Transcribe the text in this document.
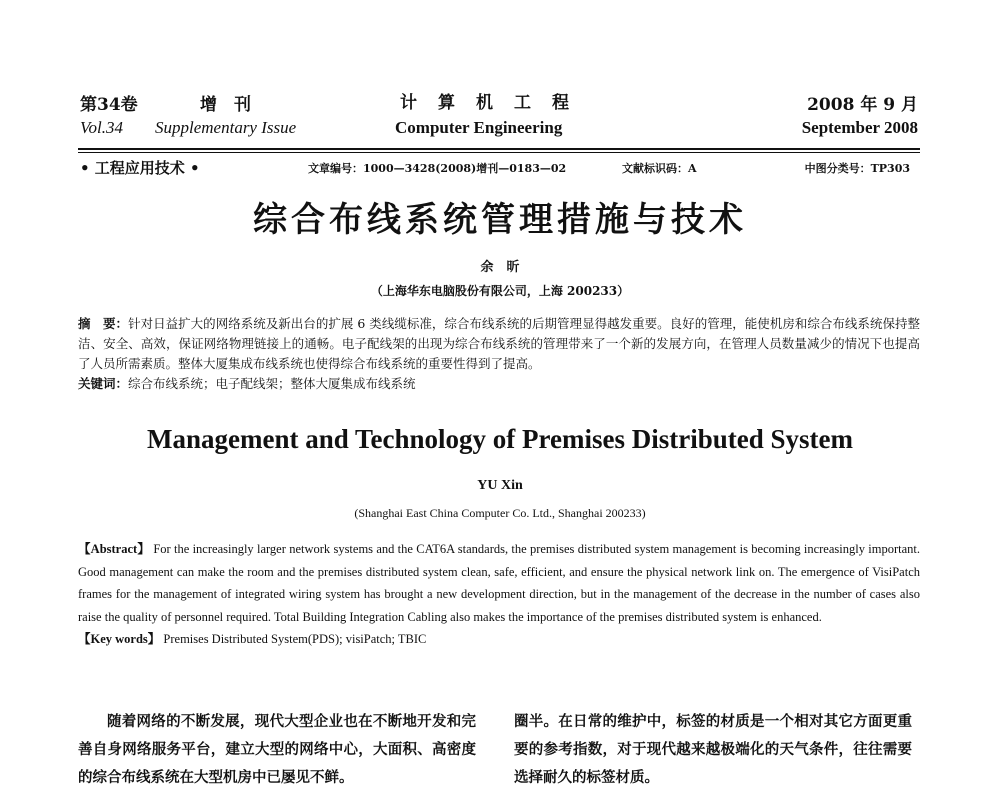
第34卷	增　刊	计　算　机　工　程	2008 年 9 月
Vol.34 Supplementary Issue	Computer Engineering	September 2008
• 工程应用技术 •	文章编号：1000—3428(2008)增刊—0183—02	文献标识码：A	中图分类号：TP303
综合布线系统管理措施与技术
余　昕
（上海华东电脑股份有限公司，上海 200233）
摘　要：针对日益扩大的网络系统及新出台的扩展 6 类线缆标准，综合布线系统的后期管理显得越发重要。良好的管理，能使机房和综合布线系统保持整洁、安全、高效，保证网络物理链接上的通畅。电子配线架的出现为综合布线系统的管理带来了一个新的发展方向，在管理人员数量减少的情况下也提高了人员所需素质。整体大厦集成布线系统也使得综合布线系统的重要性得到了提高。
关键词：综合布线系统；电子配线架；整体大厦集成布线系统
Management and Technology of Premises Distributed System
YU Xin
(Shanghai East China Computer Co. Ltd., Shanghai 200233)
【Abstract】 For the increasingly larger network systems and the CAT6A standards, the premises distributed system management is becoming increasingly important. Good management can make the room and the premises distributed system clean, safe, efficient, and ensure the physical network link on. The emergence of VisiPatch frames for the management of integrated wiring system has brought a new development direction, but in the management of the decrease in the number of cases also raise the quality of personnel required. Total Building Integration Cabling also makes the importance of the premises distributed system is enhanced.
【Key words】 Premises Distributed System(PDS); visiPatch; TBIC
随着网络的不断发展，现代大型企业也在不断地开发和完善自身网络服务平台，建立大型的网络中心，大面积、高密度的综合布线系统在大型机房中已屡见不鲜。
圈半。在日常的维护中，标签的材质是一个相对其它方面更重要的参考指数，对于现代越来越极端化的天气条件，往往需要选择耐久的标签材质。
